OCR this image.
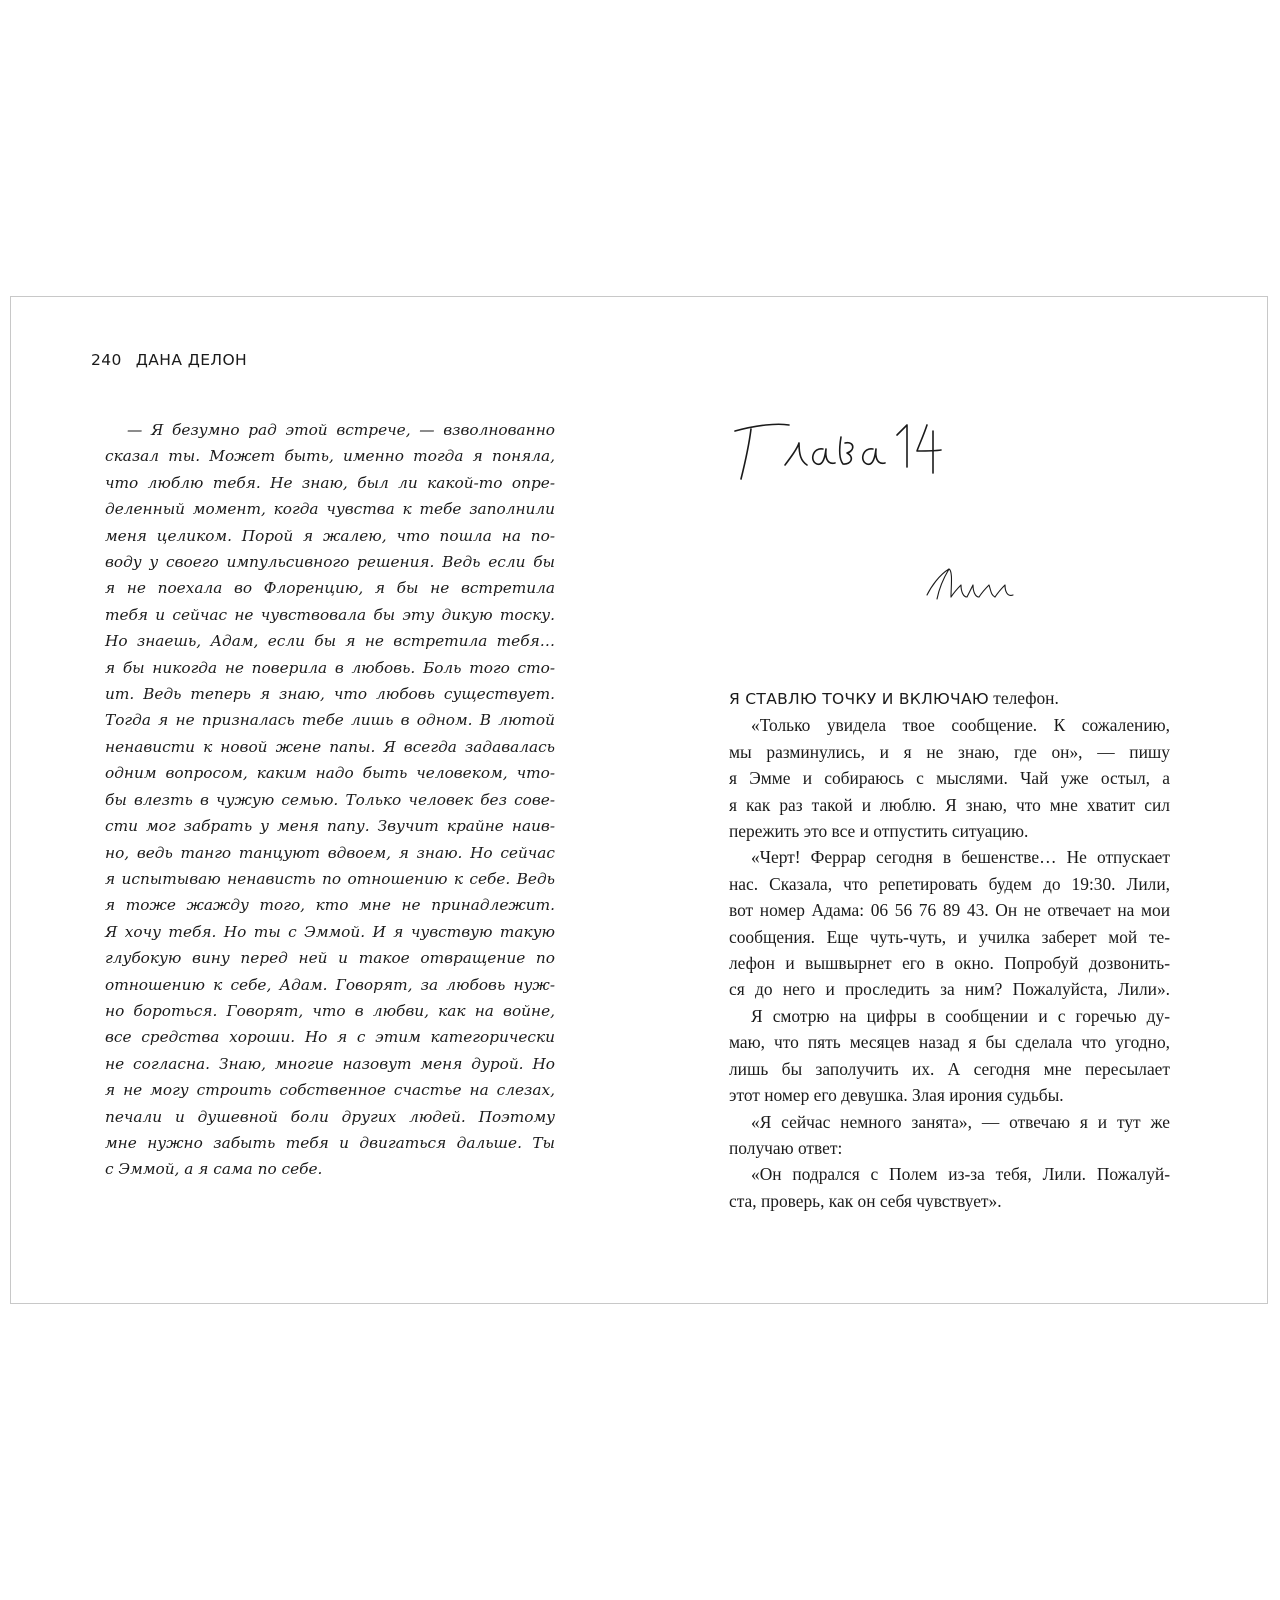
240 ДАНА ДЕЛОН
— Я безумно рад этой встрече, — взволнованно
сказал ты. Может быть, именно тогда я поняла,
что люблю тебя. Не знаю, был ли какой-то опре-
деленный момент, когда чувства к тебе заполнили
меня целиком. Порой я жалею, что пошла на по-
воду у своего импульсивного решения. Ведь если бы
я не поехала во Флоренцию, я бы не встретила
тебя и сейчас не чувствовала бы эту дикую тоску.
Но знаешь, Адам, если бы я не встретила тебя…
я бы никогда не поверила в любовь. Боль того сто-
ит. Ведь теперь я знаю, что любовь существует.
Тогда я не призналась тебе лишь в одном. В лютой
ненависти к новой жене папы. Я всегда задавалась
одним вопросом, каким надо быть человеком, что-
бы влезть в чужую семью. Только человек без сове-
сти мог забрать у меня папу. Звучит крайне наив-
но, ведь танго танцуют вдвоем, я знаю. Но сейчас
я испытываю ненависть по отношению к себе. Ведь
я тоже жажду того, кто мне не принадлежит.
Я хочу тебя. Но ты с Эммой. И я чувствую такую
глубокую вину перед ней и такое отвращение по
отношению к себе, Адам. Говорят, за любовь нуж-
но бороться. Говорят, что в любви, как на войне,
все средства хороши. Но я с этим категорически
не согласна. Знаю, многие назовут меня дурой. Но
я не могу строить собственное счастье на слезах,
печали и душевной боли других людей. Поэтому
мне нужно забыть тебя и двигаться дальше. Ты
с Эммой, а я сама по себе.
Я СТАВЛЮ ТОЧКУ И ВКЛЮЧАЮ телефон.
«Только увидела твое сообщение. К сожалению,
мы разминулись, и я не знаю, где он», — пишу
я Эмме и собираюсь с мыслями. Чай уже остыл, а
я как раз такой и люблю. Я знаю, что мне хватит сил
пережить это все и отпустить ситуацию.
«Черт! Феррар сегодня в бешенстве… Не отпускает
нас. Сказала, что репетировать будем до 19:30. Лили,
вот номер Адама: 06 56 76 89 43. Он не отвечает на мои
сообщения. Еще чуть-чуть, и училка заберет мой те-
лефон и вышвырнет его в окно. Попробуй дозвонить-
ся до него и проследить за ним? Пожалуйста, Лили».
Я смотрю на цифры в сообщении и с горечью ду-
маю, что пять месяцев назад я бы сделала что угодно,
лишь бы заполучить их. А сегодня мне пересылает
этот номер его девушка. Злая ирония судьбы.
«Я сейчас немного занята», — отвечаю я и тут же
получаю ответ:
«Он подрался с Полем из-за тебя, Лили. Пожалуй-
ста, проверь, как он себя чувствует».
